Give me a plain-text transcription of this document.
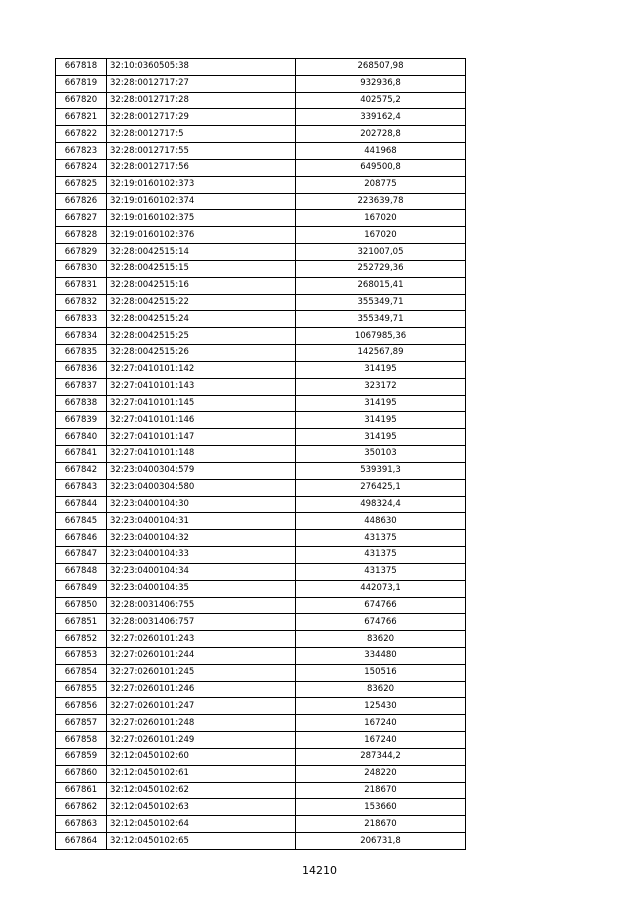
667818	32:10:0360505:38	268507,98
667819	32:28:0012717:27	932936,8
667820	32:28:0012717:28	402575,2
667821	32:28:0012717:29	339162,4
667822	32:28:0012717:5	202728,8
667823	32:28:0012717:55	441968
667824	32:28:0012717:56	649500,8
667825	32:19:0160102:373	208775
667826	32:19:0160102:374	223639,78
667827	32:19:0160102:375	167020
667828	32:19:0160102:376	167020
667829	32:28:0042515:14	321007,05
667830	32:28:0042515:15	252729,36
667831	32:28:0042515:16	268015,41
667832	32:28:0042515:22	355349,71
667833	32:28:0042515:24	355349,71
667834	32:28:0042515:25	1067985,36
667835	32:28:0042515:26	142567,89
667836	32:27:0410101:142	314195
667837	32:27:0410101:143	323172
667838	32:27:0410101:145	314195
667839	32:27:0410101:146	314195
667840	32:27:0410101:147	314195
667841	32:27:0410101:148	350103
667842	32:23:0400304:579	539391,3
667843	32:23:0400304:580	276425,1
667844	32:23:0400104:30	498324,4
667845	32:23:0400104:31	448630
667846	32:23:0400104:32	431375
667847	32:23:0400104:33	431375
667848	32:23:0400104:34	431375
667849	32:23:0400104:35	442073,1
667850	32:28:0031406:755	674766
667851	32:28:0031406:757	674766
667852	32:27:0260101:243	83620
667853	32:27:0260101:244	334480
667854	32:27:0260101:245	150516
667855	32:27:0260101:246	83620
667856	32:27:0260101:247	125430
667857	32:27:0260101:248	167240
667858	32:27:0260101:249	167240
667859	32:12:0450102:60	287344,2
667860	32:12:0450102:61	248220
667861	32:12:0450102:62	218670
667862	32:12:0450102:63	153660
667863	32:12:0450102:64	218670
667864	32:12:0450102:65	206731,8
14210
